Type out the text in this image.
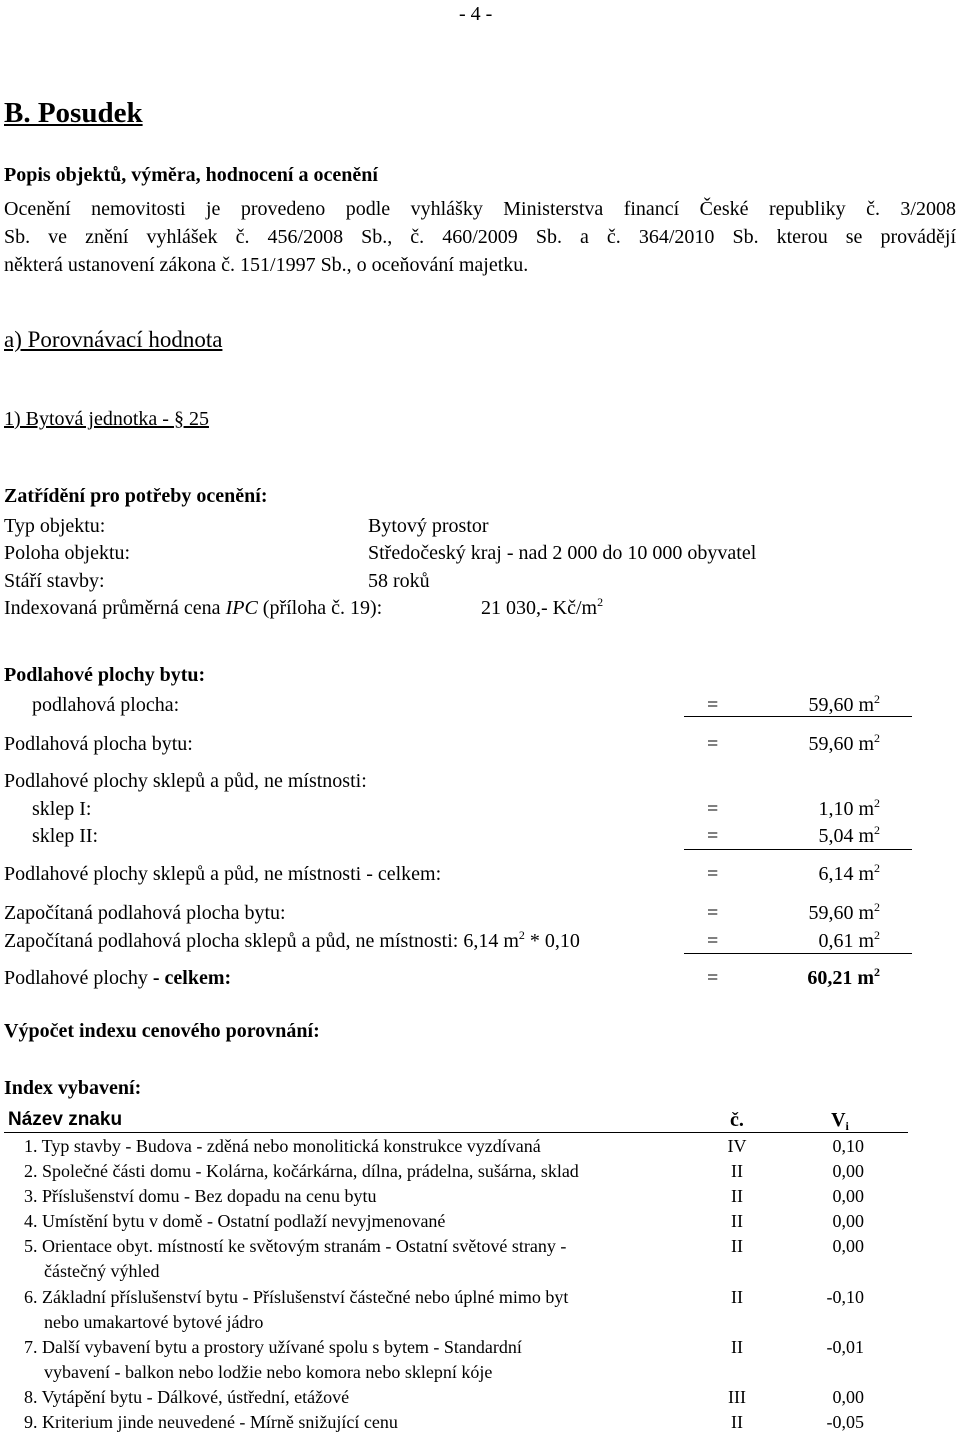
- 4 -
B. Posudek
Popis objektů, výměra, hodnocení a ocenění
Ocenění nemovitosti je provedeno podle vyhlášky Ministerstva financí České republiky č. 3/2008
Sb. ve znění vyhlášek č. 456/2008 Sb., č. 460/2009 Sb. a č. 364/2010 Sb. kterou se provádějí
některá ustanovení zákona č. 151/1997 Sb., o oceňování majetku.
a) Porovnávací hodnota
1) Bytová jednotka - § 25
Zatřídění pro potřeby ocenění:
Typ objektu:	Bytový prostor
Poloha objektu:	Středočeský kraj - nad 2 000 do 10 000 obyvatel
Stáří stavby:	58 roků
Indexovaná průměrná cena IPC (příloha č. 19):	21 030,- $Kč/m^2$
Podlahové plochy bytu:
podlahová plocha:	=	59,60 $m^2$
Podlahová plocha bytu:	=	59,60 $m^2$
Podlahové plochy sklepů a půd, ne místnosti:
sklep I:	=	1,10 $m^2$
sklep II:	=	5,04 $m^2$
Podlahové plochy sklepů a půd, ne místnosti - celkem:	=	6,14 $m^2$
Započítaná podlahová plocha bytu:	=	59,60 $m^2$
Započítaná podlahová plocha sklepů a půd, ne místnosti: 6,14 $m^2 * 0,10$	=	0,61 $m^2$
Podlahové plochy - celkem:	=	60,21 $m^2$
Výpočet indexu cenového porovnání:
Index vybavení:
Název znaku	č.	$V_i$
1. Typ stavby - Budova - zděná nebo monolitická konstrukce vyzdívaná	IV	0,10
2. Společné části domu - Kolárna, kočárkárna, dílna, prádelna, sušárna, sklad	II	0,00
3. Příslušenství domu - Bez dopadu na cenu bytu	II	0,00
4. Umístění bytu v domě - Ostatní podlaží nevyjmenované	II	0,00
5. Orientace obyt. místností ke světovým stranám - Ostatní světové strany -
částečný výhled
II	0,00
6. Základní příslušenství bytu - Příslušenství částečné nebo úplné mimo byt
nebo umakartové bytové jádro
II	-0,10
7. Další vybavení bytu a prostory užívané spolu s bytem - Standardní
vybavení - balkon nebo lodžie nebo komora nebo sklepní kóje
II	-0,01
8. Vytápění bytu - Dálkové, ústřední, etážové	III	0,00
9. Kriterium jinde neuvedené - Mírně snižující cenu	II	-0,05
